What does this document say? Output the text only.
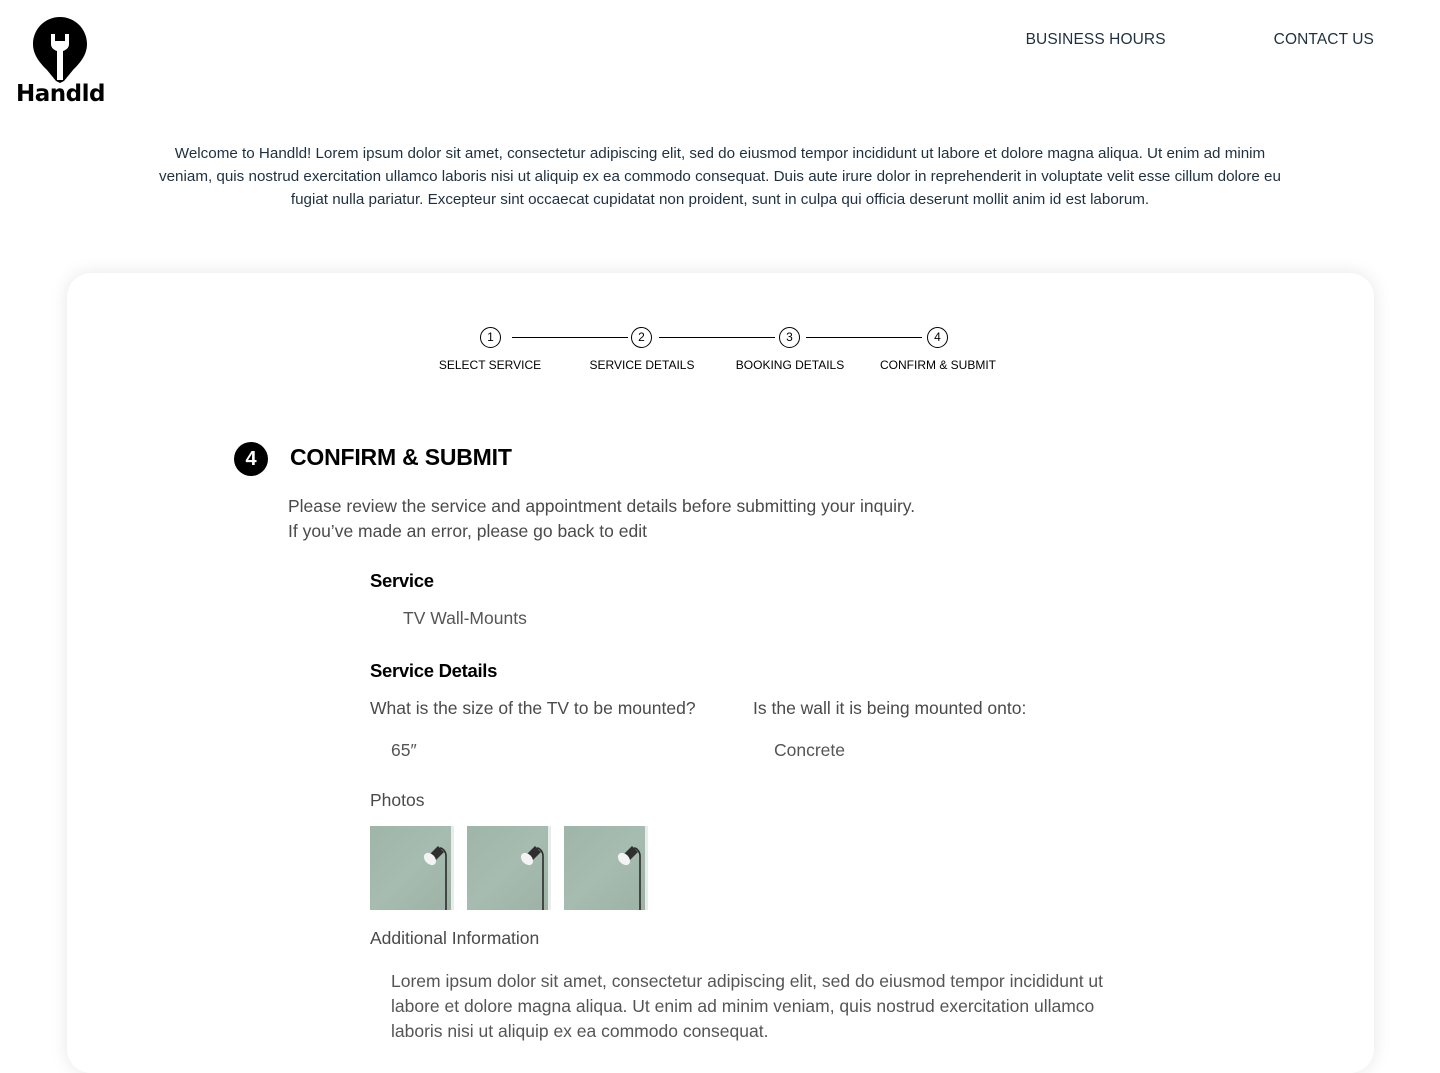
Handld
BUSINESS HOURS	CONTACT US

Welcome to Handld! Lorem ipsum dolor sit amet, consectetur adipiscing elit, sed do eiusmod tempor incididunt ut labore et dolore magna aliqua. Ut enim ad minim veniam, quis nostrud exercitation ullamco laboris nisi ut aliquip ex ea commodo consequat. Duis aute irure dolor in reprehenderit in voluptate velit esse cillum dolore eu fugiat nulla pariatur. Excepteur sint occaecat cupidatat non proident, sunt in culpa qui officia deserunt mollit anim id est laborum.

1	2	3	4
SELECT SERVICE	SERVICE DETAILS	BOOKING DETAILS	CONFIRM & SUBMIT
4	CONFIRM & SUBMIT
Please review the service and appointment details before submitting your inquiry.
If you’ve made an error, please go back to edit
Service
TV Wall-Mounts
Service Details
What is the size of the TV to be mounted?
65″
Is the wall it is being mounted onto:
Concrete
Photos
Additional Information

Lorem ipsum dolor sit amet, consectetur adipiscing elit, sed do eiusmod tempor incididunt ut labore et dolore magna aliqua. Ut enim ad minim veniam, quis nostrud exercitation ullamco laboris nisi ut aliquip ex ea commodo consequat.
